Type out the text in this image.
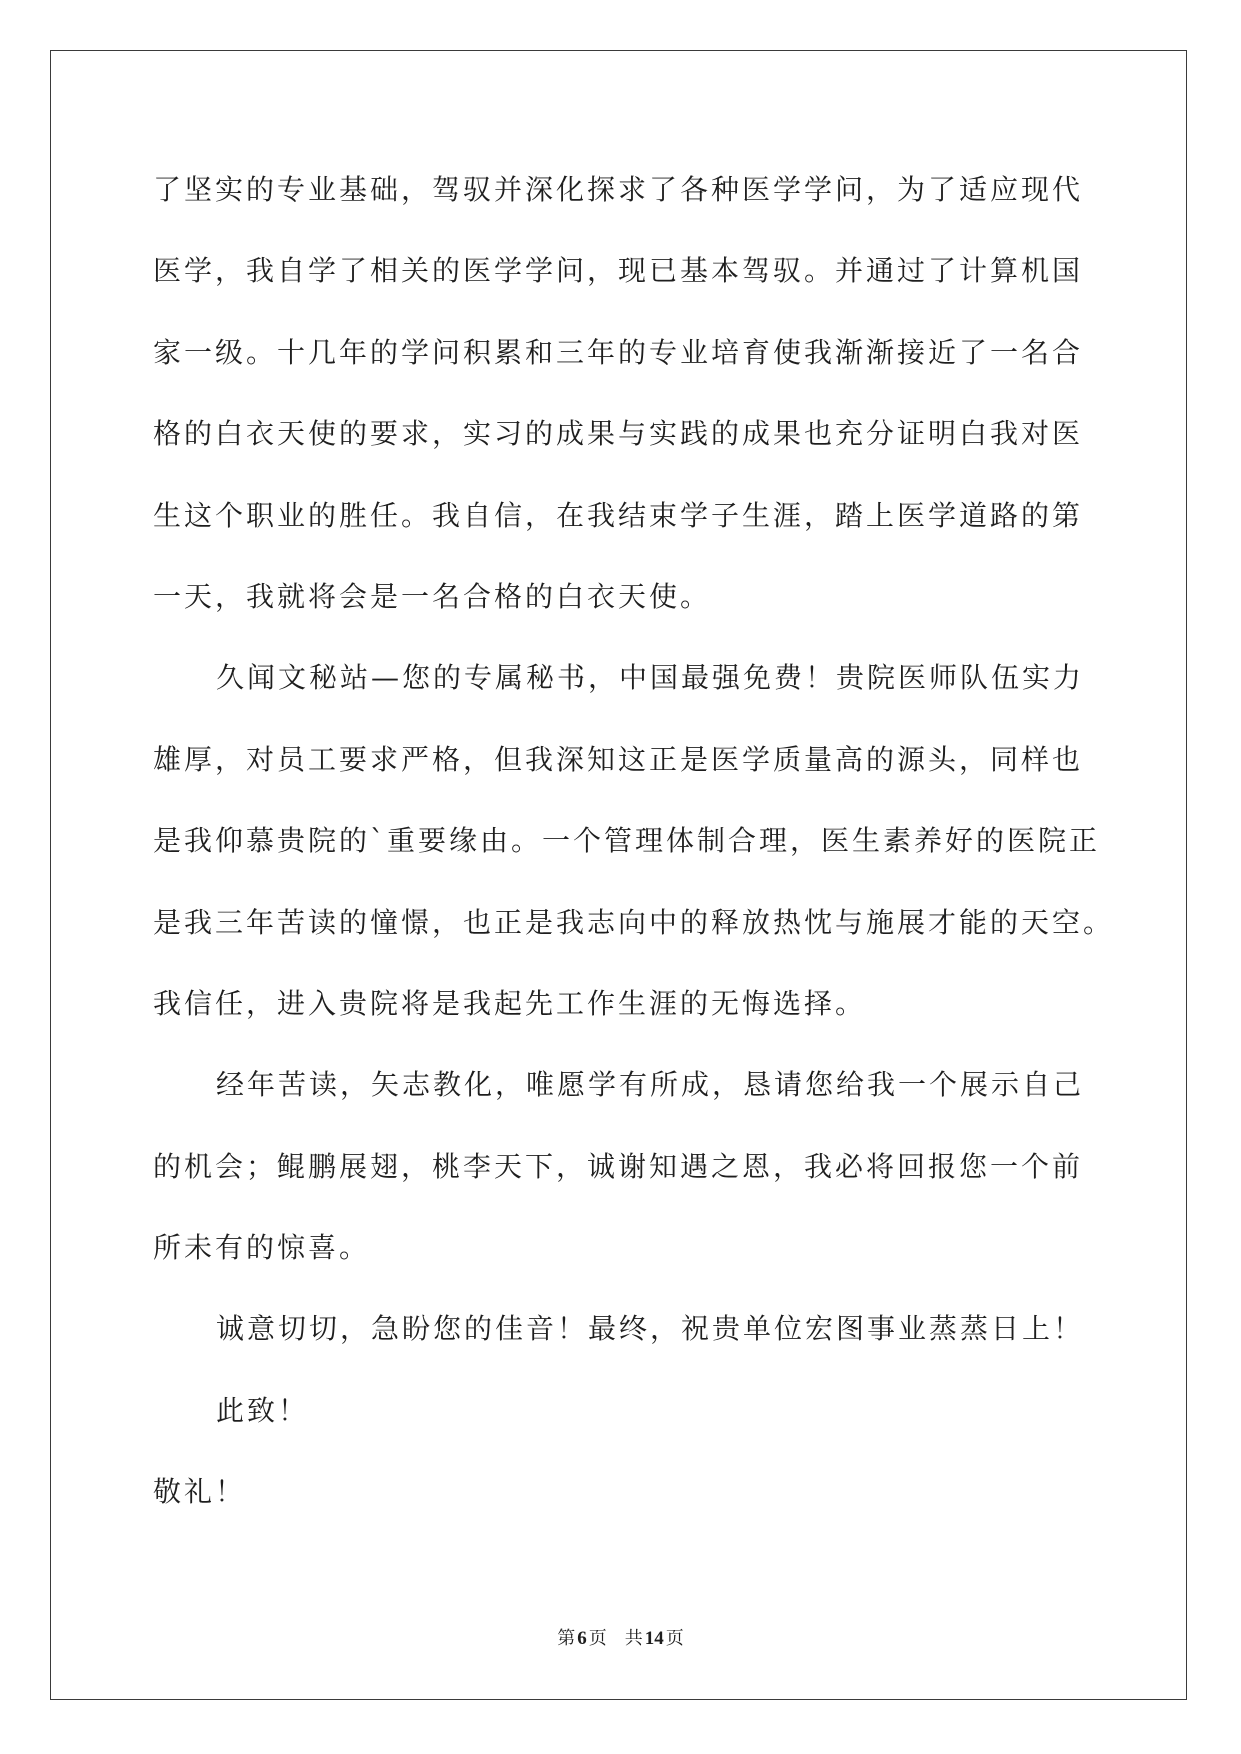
了坚实的专业基础，驾驭并深化探求了各种医学学问，为了适应现代
医学，我自学了相关的医学学问，现已基本驾驭。并通过了计算机国
家一级。十几年的学问积累和三年的专业培育使我渐渐接近了一名合
格的白衣天使的要求，实习的成果与实践的成果也充分证明白我对医
生这个职业的胜任。我自信，在我结束学子生涯，踏上医学道路的第
一天，我就将会是一名合格的白衣天使。
久闻文秘站—您的专属秘书，中国最强免费！贵院医师队伍实力
雄厚，对员工要求严格，但我深知这正是医学质量高的源头，同样也
是我仰慕贵院的`重要缘由。一个管理体制合理，医生素养好的医院正
是我三年苦读的憧憬，也正是我志向中的释放热忱与施展才能的天空。
我信任，进入贵院将是我起先工作生涯的无悔选择。
经年苦读，矢志教化，唯愿学有所成，恳请您给我一个展示自己
的机会；鲲鹏展翅，桃李天下，诚谢知遇之恩，我必将回报您一个前
所未有的惊喜。
诚意切切，急盼您的佳音！最终，祝贵单位宏图事业蒸蒸日上！
此致！
敬礼！
第 6 页 共 14 页
